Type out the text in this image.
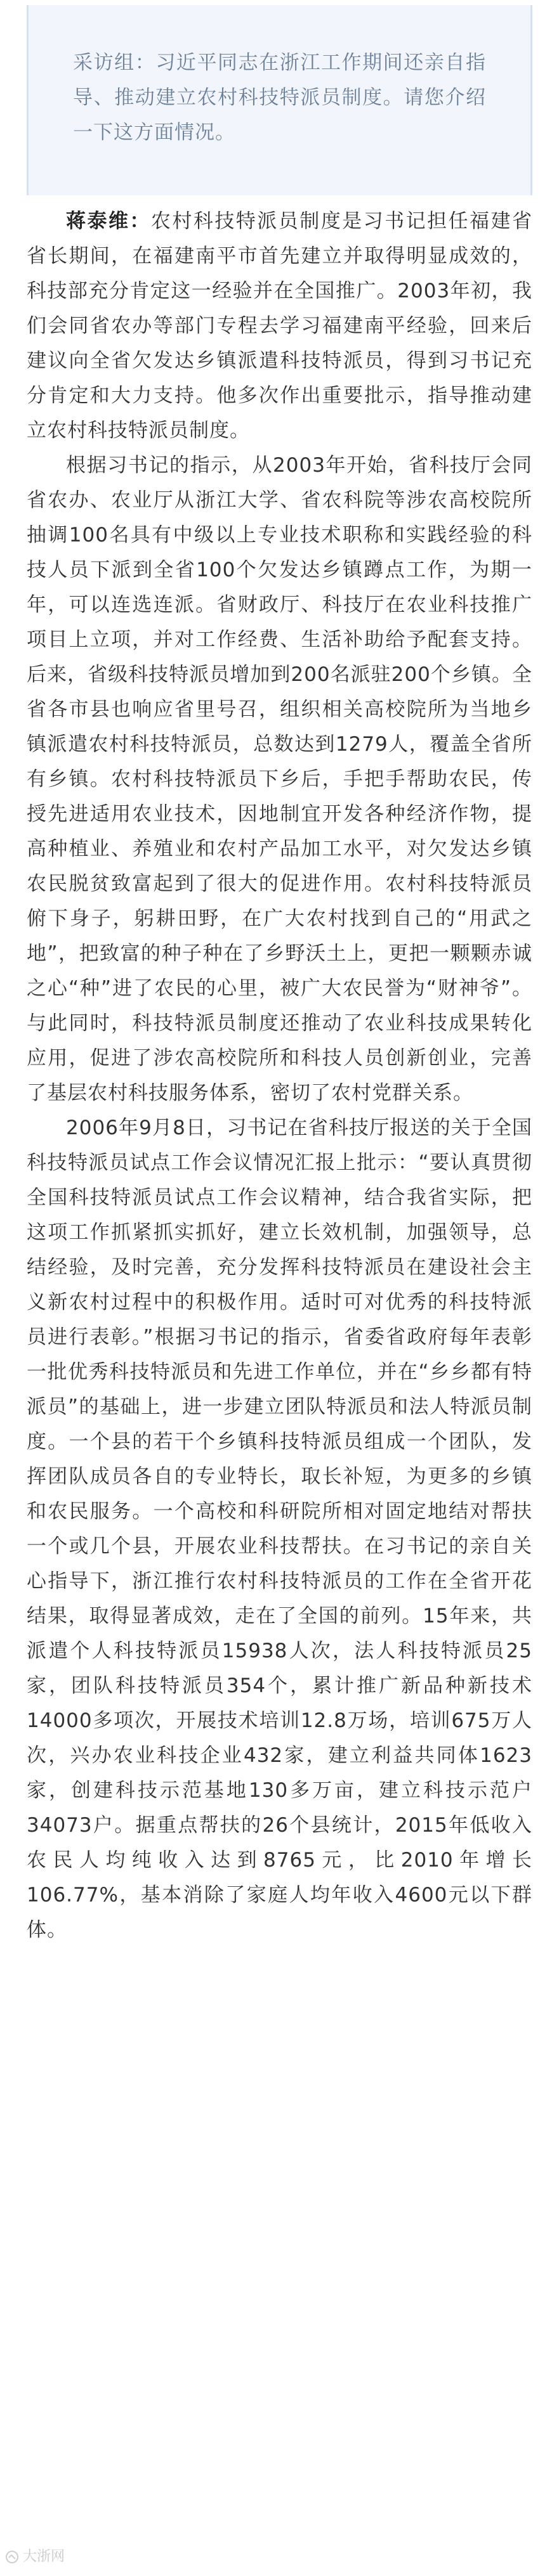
采访组：习近平同志在浙江工作期间还亲自指导、推动建立农村科技特派员制度。请您介绍一下这方面情况。

蒋泰维：农村科技特派员制度是习书记担任福建省省长期间，在福建南平市首先建立并取得明显成效的，科技部充分肯定这一经验并在全国推广。2003年初，我们会同省农办等部门专程去学习福建南平经验，回来后建议向全省欠发达乡镇派遣科技特派员，得到习书记充分肯定和大力支持。他多次作出重要批示，指导推动建立农村科技特派员制度。

根据习书记的指示，从2003年开始，省科技厅会同省农办、农业厅从浙江大学、省农科院等涉农高校院所抽调100名具有中级以上专业技术职称和实践经验的科技人员下派到全省100个欠发达乡镇蹲点工作，为期一年，可以连选连派。省财政厅、科技厅在农业科技推广项目上立项，并对工作经费、生活补助给予配套支持。后来，省级科技特派员增加到200名派驻200个乡镇。全省各市县也响应省里号召，组织相关高校院所为当地乡镇派遣农村科技特派员，总数达到1279人，覆盖全省所有乡镇。农村科技特派员下乡后，手把手帮助农民，传授先进适用农业技术，因地制宜开发各种经济作物，提高种植业、养殖业和农村产品加工水平，对欠发达乡镇农民脱贫致富起到了很大的促进作用。农村科技特派员俯下身子，躬耕田野，在广大农村找到自己的“用武之地”，把致富的种子种在了乡野沃土上，更把一颗颗赤诚之心“种”进了农民的心里，被广大农民誉为“财神爷”。与此同时，科技特派员制度还推动了农业科技成果转化应用，促进了涉农高校院所和科技人员创新创业，完善了基层农村科技服务体系，密切了农村党群关系。

2006年9月8日，习书记在省科技厅报送的关于全国科技特派员试点工作会议情况汇报上批示：“要认真贯彻全国科技特派员试点工作会议精神，结合我省实际，把这项工作抓紧抓实抓好，建立长效机制，加强领导，总结经验，及时完善，充分发挥科技特派员在建设社会主义新农村过程中的积极作用。适时可对优秀的科技特派员进行表彰。”根据习书记的指示，省委省政府每年表彰一批优秀科技特派员和先进工作单位，并在“乡乡都有特派员”的基础上，进一步建立团队特派员和法人特派员制度。一个县的若干个乡镇科技特派员组成一个团队，发挥团队成员各自的专业特长，取长补短，为更多的乡镇和农民服务。一个高校和科研院所相对固定地结对帮扶一个或几个县，开展农业科技帮扶。在习书记的亲自关心指导下，浙江推行农村科技特派员的工作在全省开花结果，取得显著成效，走在了全国的前列。15年来，共派遣个人科技特派员15938人次，法人科技特派员25家，团队科技特派员354个，累计推广新品种新技术14000多项次，开展技术培训12.8万场，培训675万人次，兴办农业科技企业432家，建立利益共同体1623家，创建科技示范基地130多万亩，建立科技示范户34073户。据重点帮扶的26个县统计，2015年低收入农民人均纯收入达到8765元，比2010年增长106.77%，基本消除了家庭人均年收入4600元以下群体。

大浙网
